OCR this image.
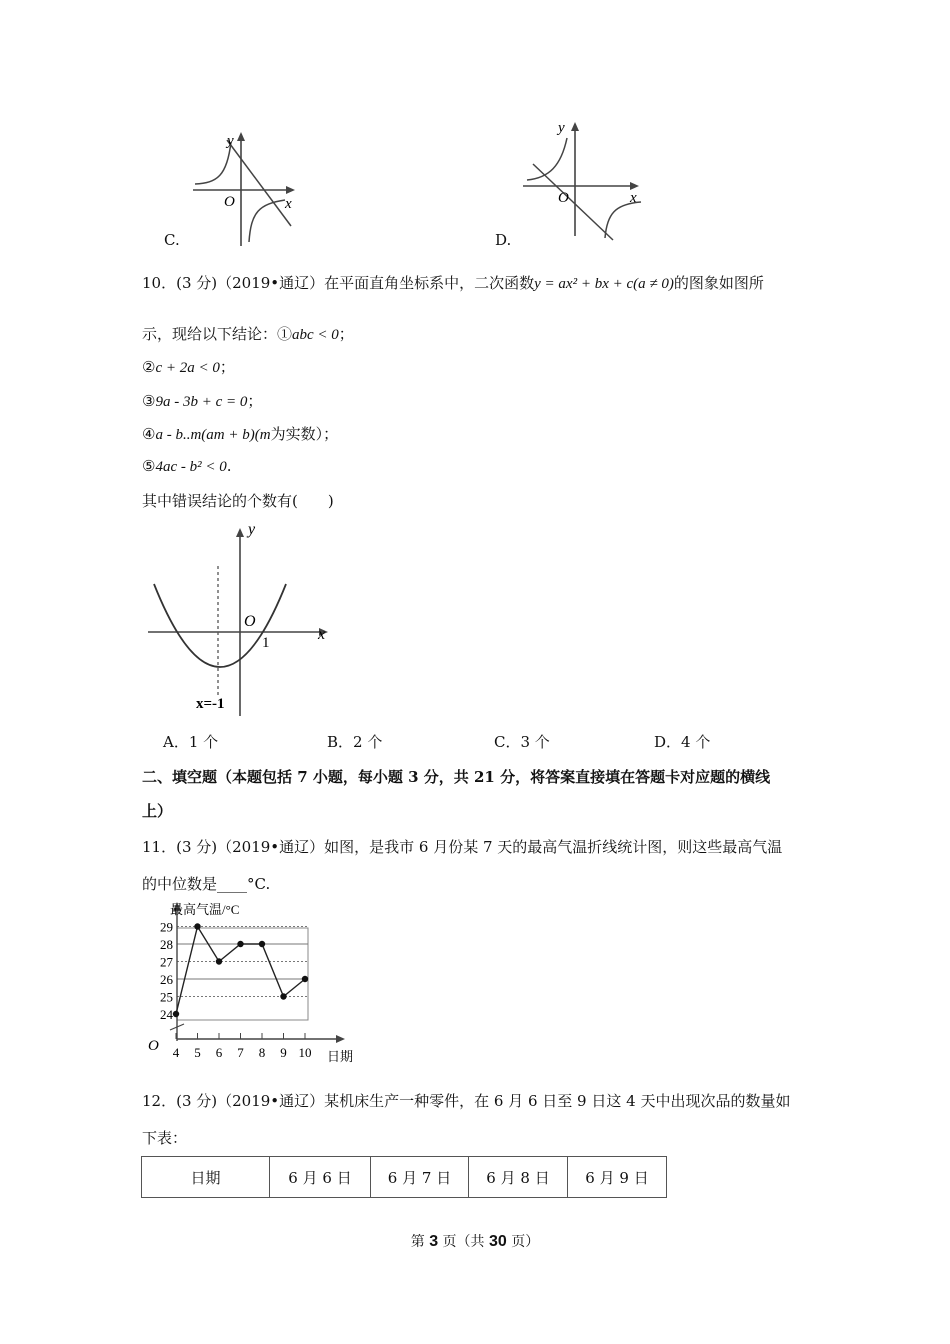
y
x
O
C.
y
x
O
D.
10．(3 分)（2019•通辽）在平面直角坐标系中，二次函数y = ax² + bx + c(a ≠ 0)的图象如图所
示，现给以下结论：①abc < 0；
②c + 2a < 0；
③9a - 3b + c = 0；
④a - b..m(am + b)(m为实数）；
⑤4ac - b² < 0.
其中错误结论的个数有(　　)
y
x
O
1
x=-1
A．1 个	B．2 个	C．3 个	D．4 个
二、填空题（本题包括 7 小题，每小题 3 分，共 21 分，将答案直接填在答题卡对应题的横线
上）
11．(3 分)（2019•通辽）如图，是我市 6 月份某 7 天的最高气温折线统计图，则这些最高气温
的中位数是____°C.
24
25
26
27
28
29
4 5 6 7 8 9 10
最高气温/°C
日期
O
12．(3 分)（2019•通辽）某机床生产一种零件，在 6 月 6 日至 9 日这 4 天中出现次品的数量如
下表：
日期	6 月 6 日	6 月 7 日	6 月 8 日	6 月 9 日
第 3 页（共 30 页）
